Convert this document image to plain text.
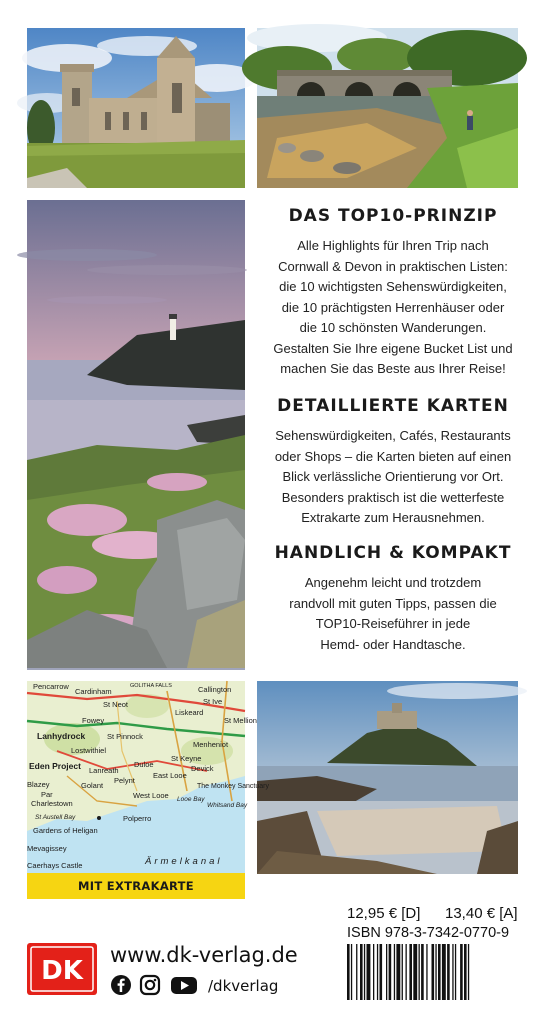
DAS TOP10-PRINZIP

Alle Highlights für Ihren Trip nach
Cornwall & Devon in praktischen Listen:
die 10 wichtigsten Sehenswürdigkeiten,
die 10 prächtigsten Herrenhäuser oder
die 10 schönsten Wanderungen.
Gestalten Sie Ihre eigene Bucket List und
machen Sie das Beste aus Ihrer Reise!

DETAILLIERTE KARTEN

Sehenswürdigkeiten, Cafés, Restaurants
oder Shops – die Karten bieten auf einen
Blick verlässliche Orientierung vor Ort.
Besonders praktisch ist die wetterfeste
Extrakarte zum Herausnehmen.

HANDLICH & KOMPAKT

Angenehm leicht und trotzdem
randvoll mit guten Tipps, passen die
TOP10-Reiseführer in jede
Hemd- oder Handtasche.

Pencarrow
Cardinham
GOLITHA FALLS	Callington
St Neot
Fowey
Liskeard
St Ive
St Mellion
Lanhydrock	St Pinnock
Menheniot
Lostwithiel
Eden Project Lanreath
Duloe
St Keyne
Devick
Pelynt
East Looe
The Monkey Sanctuary
West Looe Looe Bay
Blazey
Par
Golant
Charlestown
Polperro
St Austell Bay
Whitsand Bay
Gardens of Heligan
Mevagissey
Caerhays Castle	Ärmelkanal
MIT EXTRAKARTE
12,95 € [D] 13,40 € [A]
ISBN 978-3-7342-0770-9
DK
www.dk-verlag.de
/dkverlag
